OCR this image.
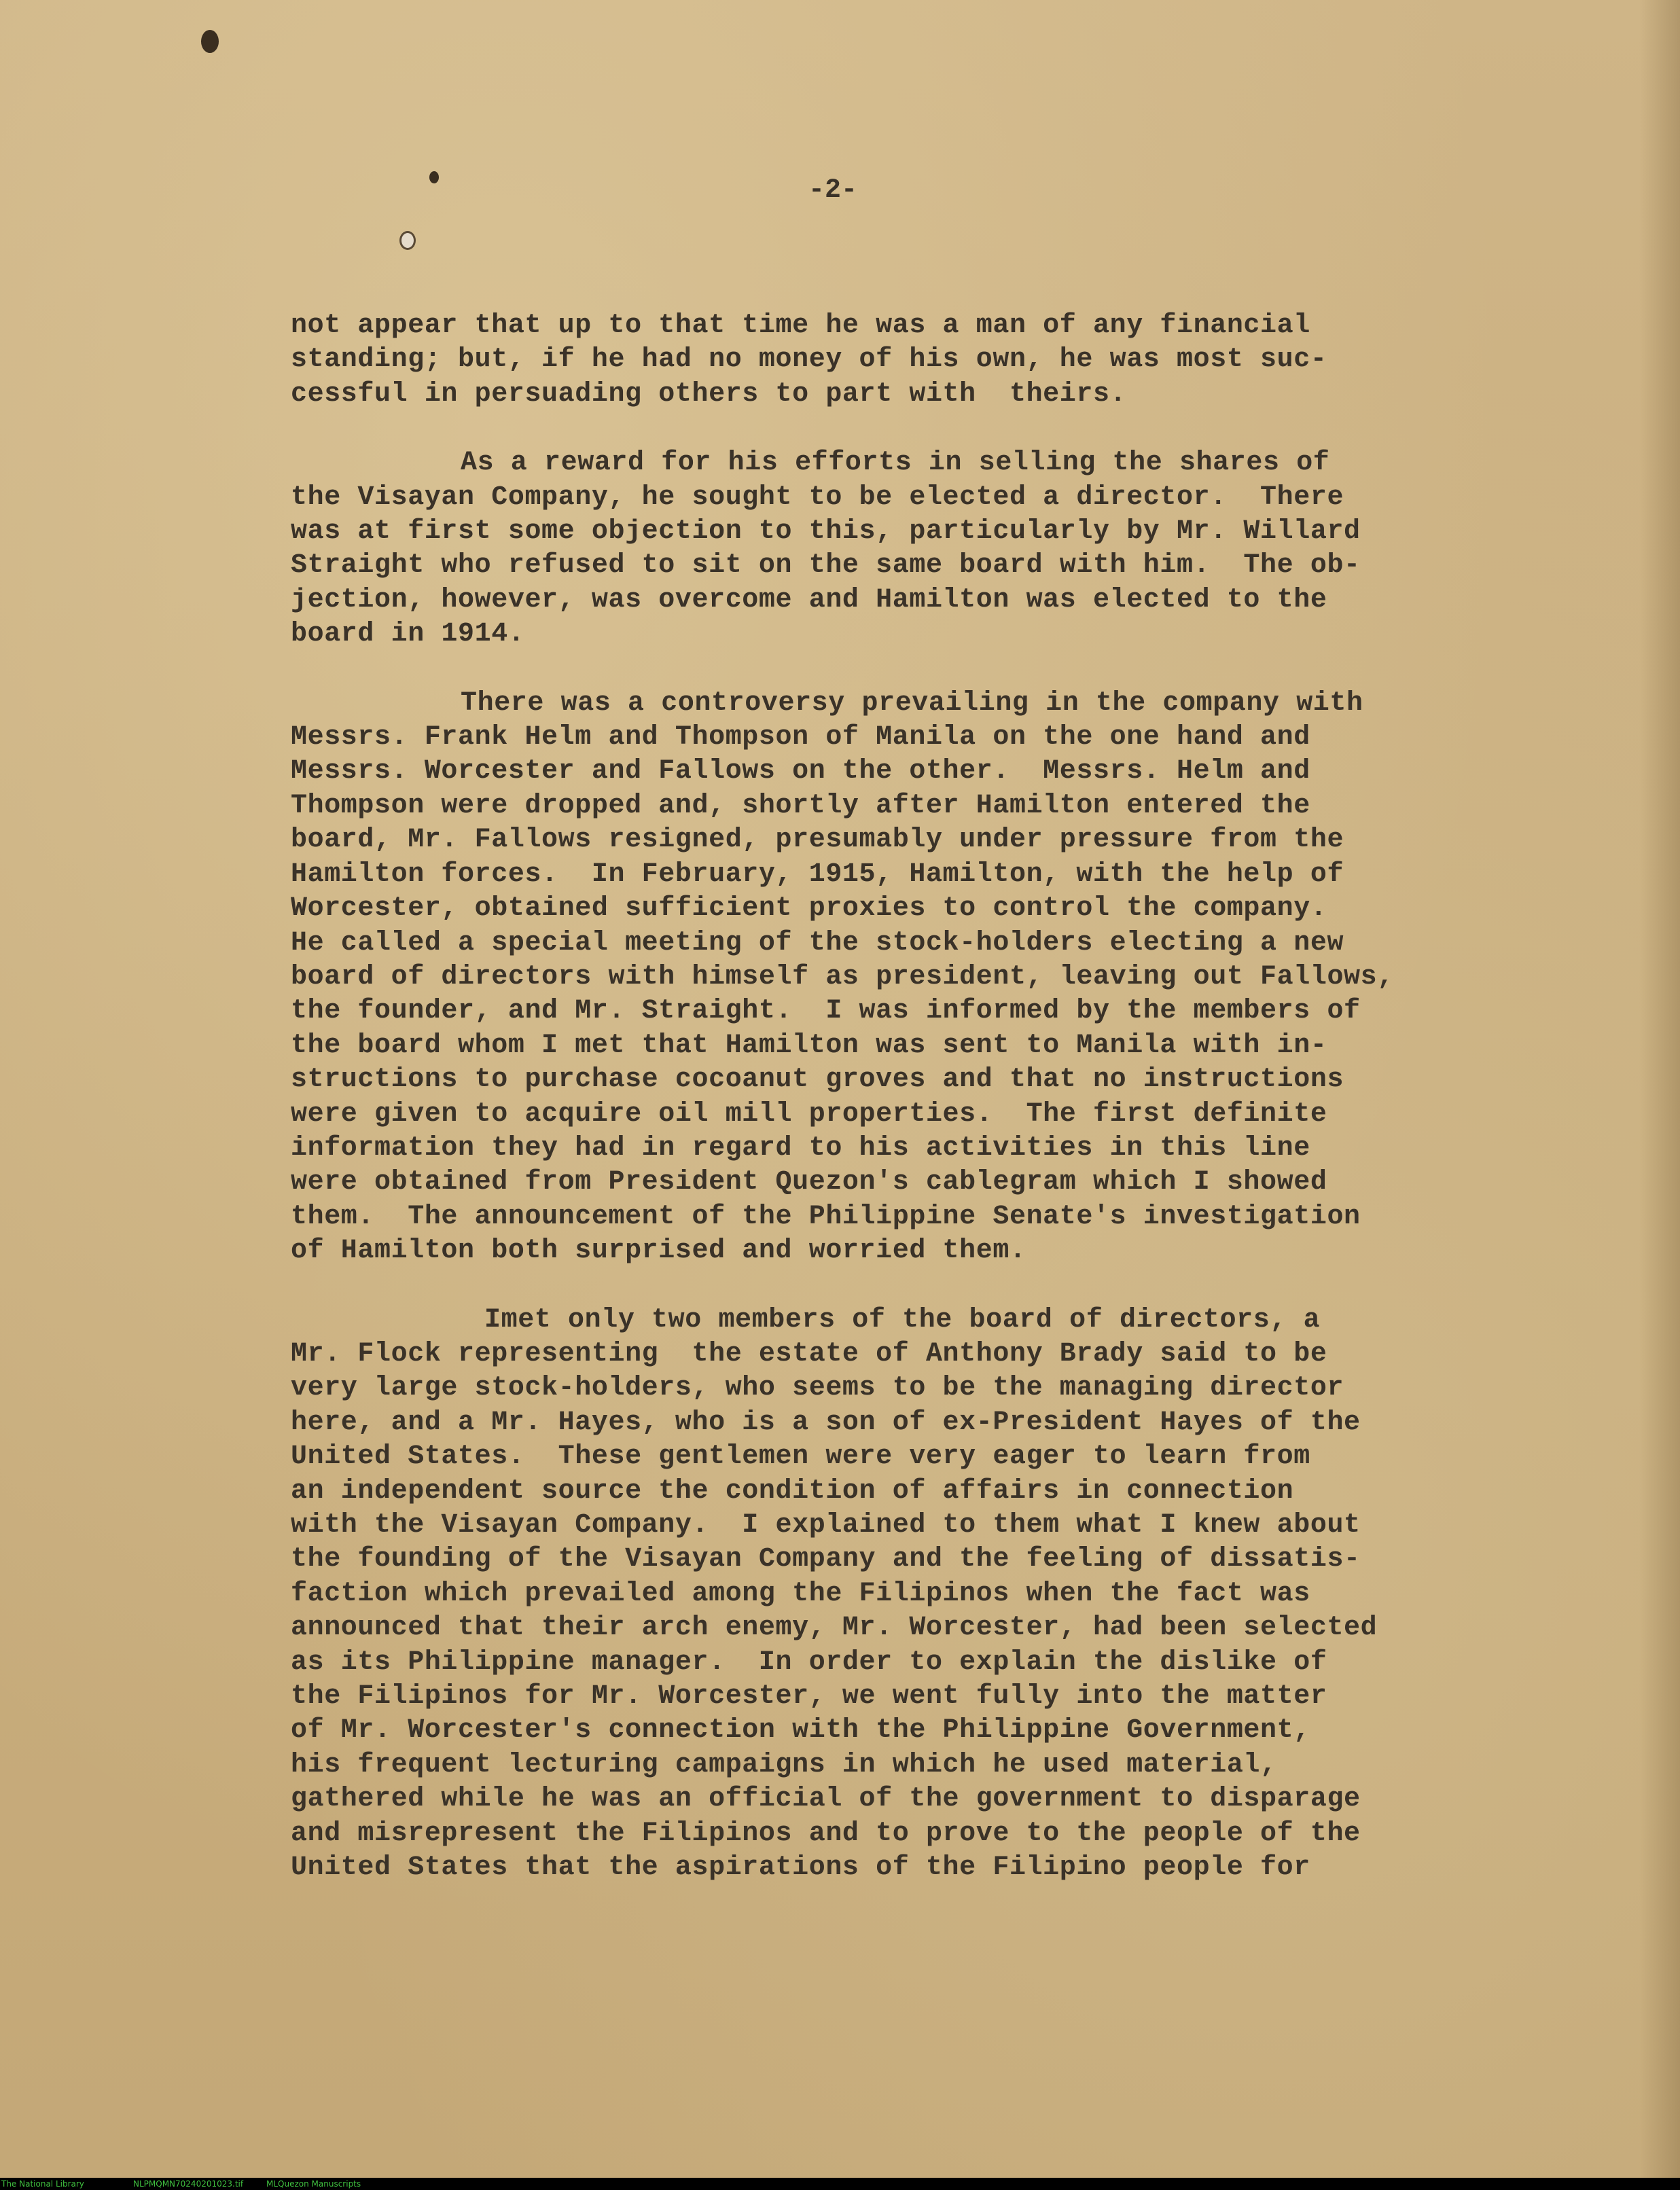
-2-
not appear that up to that time he was a man of any financial
standing; but, if he had no money of his own, he was most suc-
cessful in persuading others to part with  theirs.
As a reward for his efforts in selling the shares of
the Visayan Company, he sought to be elected a director.  There
was at first some objection to this, particularly by Mr. Willard
Straight who refused to sit on the same board with him.  The ob-
jection, however, was overcome and Hamilton was elected to the
board in 1914.
There was a controversy prevailing in the company with
Messrs. Frank Helm and Thompson of Manila on the one hand and
Messrs. Worcester and Fallows on the other.  Messrs. Helm and
Thompson were dropped and, shortly after Hamilton entered the
board, Mr. Fallows resigned, presumably under pressure from the
Hamilton forces.  In February, 1915, Hamilton, with the help of
Worcester, obtained sufficient proxies to control the company.
He called a special meeting of the stock-holders electing a new
board of directors with himself as president, leaving out Fallows,
the founder, and Mr. Straight.  I was informed by the members of
the board whom I met that Hamilton was sent to Manila with in-
structions to purchase cocoanut groves and that no instructions
were given to acquire oil mill properties.  The first definite
information they had in regard to his activities in this line
were obtained from President Quezon's cablegram which I showed
them.  The announcement of the Philippine Senate's investigation
of Hamilton both surprised and worried them.
Imet only two members of the board of directors, a
Mr. Flock representing  the estate of Anthony Brady said to be
very large stock-holders, who seems to be the managing director
here, and a Mr. Hayes, who is a son of ex-President Hayes of the
United States.  These gentlemen were very eager to learn from
an independent source the condition of affairs in connection
with the Visayan Company.  I explained to them what I knew about
the founding of the Visayan Company and the feeling of dissatis-
faction which prevailed among the Filipinos when the fact was
announced that their arch enemy, Mr. Worcester, had been selected
as its Philippine manager.  In order to explain the dislike of
the Filipinos for Mr. Worcester, we went fully into the matter
of Mr. Worcester's connection with the Philippine Government,
his frequent lecturing campaigns in which he used material,
gathered while he was an official of the government to disparage
and misrepresent the Filipinos and to prove to the people of the
United States that the aspirations of the Filipino people for
The National Library	NLPMQMN70240201023.tif	MLQuezon Manuscripts
